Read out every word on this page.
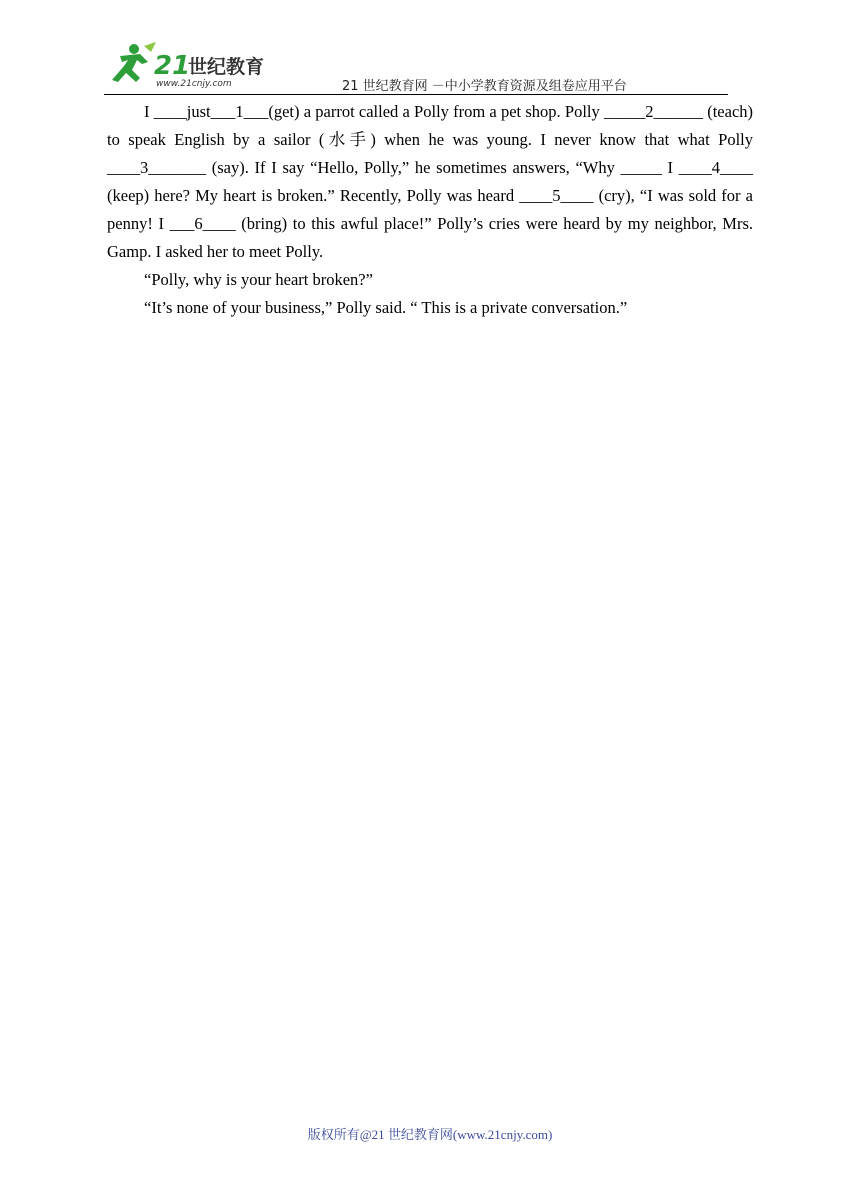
21
世纪教育
www.21cnjy.com	21 世纪教育网 －中小学教育资源及组卷应用平台

I ____just___1___(get) a parrot called a Polly from a pet shop. Polly _____2______ (teach) to speak English by a sailor (水手) when he was young. I never know that what Polly ____3_______ (say). If I say “Hello, Polly,” he sometimes answers, “Why _____ I ____4____ (keep) here? My heart is broken.” Recently, Polly was heard ____5____ (cry), “I was sold for a penny! I ___6____ (bring) to this awful place!” Polly’s cries were heard by my neighbor, Mrs. Gamp. I asked her to meet Polly.

“Polly, why is your heart broken?”

“It’s none of your business,” Polly said. “ This is a private conversation.”

版权所有@21 世纪教育网(www.21cnjy.com)
